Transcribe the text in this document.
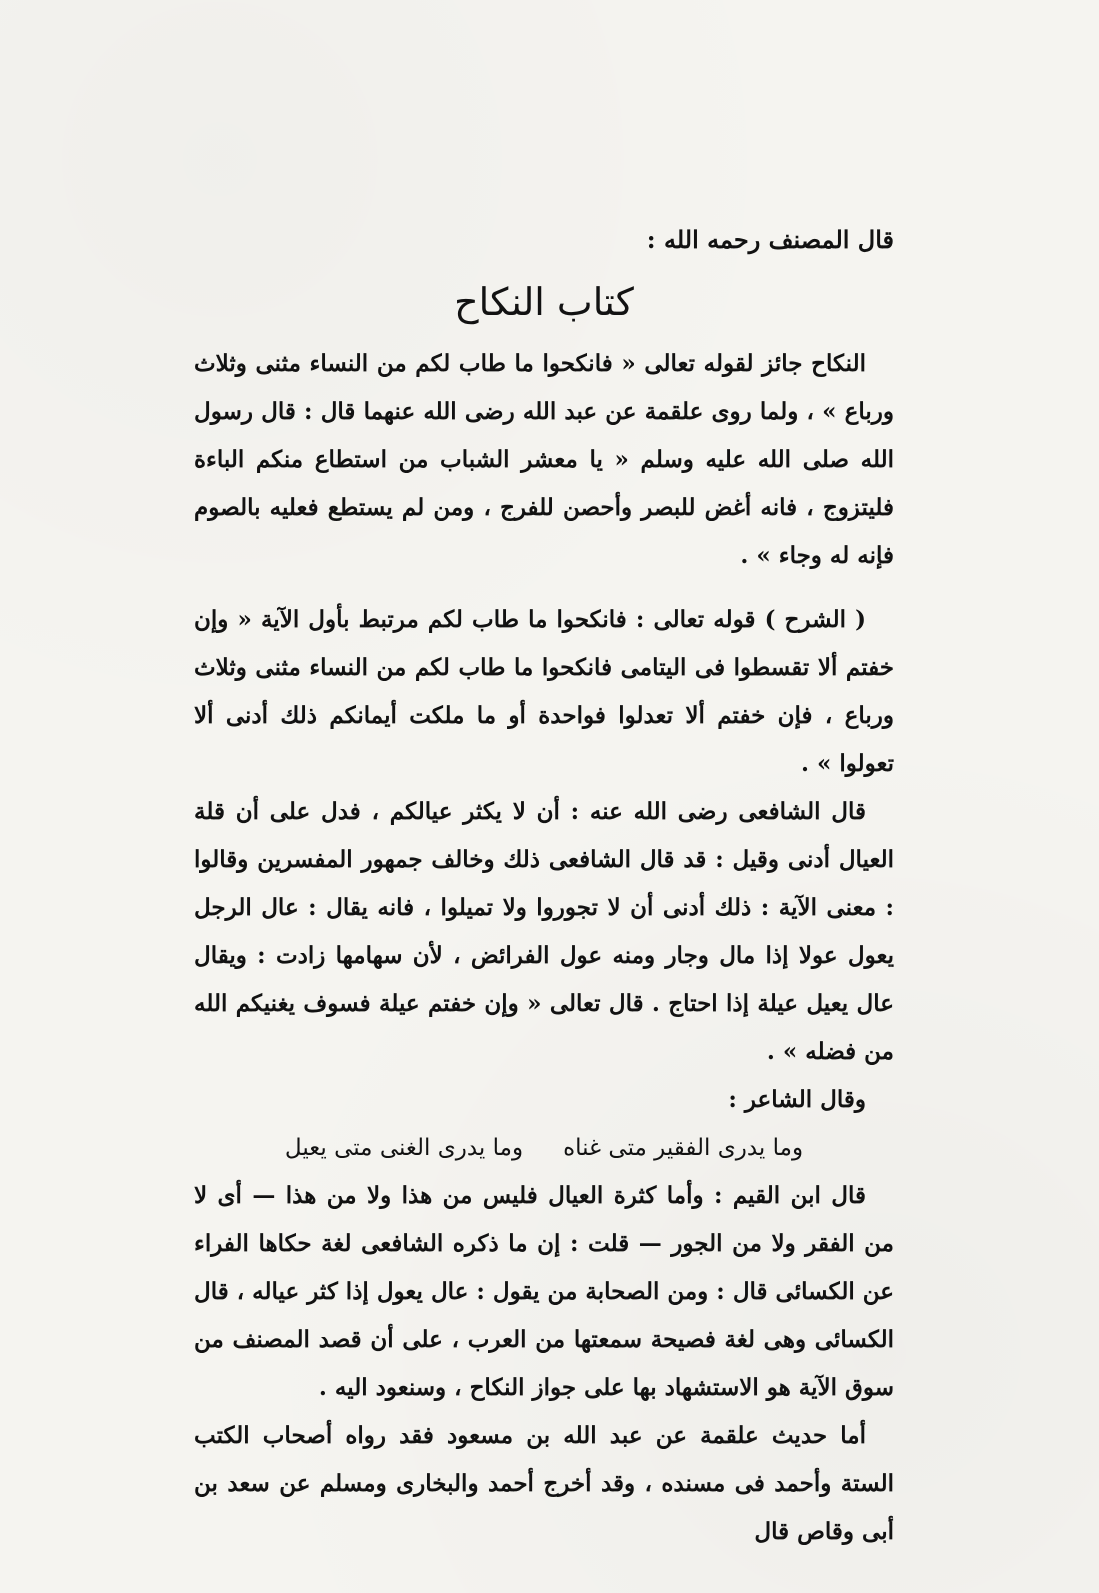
قال المصنف رحمه الله :

كتاب النكاح

النكاح جائز لقوله تعالى « فانكحوا ما طاب لكم من النساء مثنى وثلاث ورباع » ، ولما روى علقمة عن عبد الله رضى الله عنهما قال : قال رسول الله صلى الله عليه وسلم « يا معشر الشباب من استطاع منكم الباءة فليتزوج ، فانه أغض للبصر وأحصن للفرج ، ومن لم يستطع فعليه بالصوم فإنه له وجاء » .

( الشرح ) قوله تعالى : فانكحوا ما طاب لكم مرتبط بأول الآية « وإن خفتم ألا تقسطوا فى اليتامى فانكحوا ما طاب لكم من النساء مثنى وثلاث ورباع ، فإن خفتم ألا تعدلوا فواحدة أو ما ملكت أيمانكم ذلك أدنى ألا تعولوا » .

قال الشافعى رضى الله عنه : أن لا يكثر عيالكم ، فدل على أن قلة العيال أدنى وقيل : قد قال الشافعى ذلك وخالف جمهور المفسرين وقالوا : معنى الآية : ذلك أدنى أن لا تجوروا ولا تميلوا ، فانه يقال : عال الرجل يعول عولا إذا مال وجار ومنه عول الفرائض ، لأن سهامها زادت : ويقال عال يعيل عيلة إذا احتاج . قال تعالى « وإن خفتم عيلة فسوف يغنيكم الله من فضله » .

وقال الشاعر :

وما يدرى الفقير متى غناه
وما يدرى الغنى متى يعيل

قال ابن القيم : وأما كثرة العيال فليس من هذا ولا من هذا — أى لا من الفقر ولا من الجور — قلت : إن ما ذكره الشافعى لغة حكاها الفراء عن الكسائى قال : ومن الصحابة من يقول : عال يعول إذا كثر عياله ، قال الكسائى وهى لغة فصيحة سمعتها من العرب ، على أن قصد المصنف من سوق الآية هو الاستشهاد بها على جواز النكاح ، وسنعود اليه .

أما حديث علقمة عن عبد الله بن مسعود فقد رواه أصحاب الكتب الستة وأحمد فى مسنده ، وقد أخرج أحمد والبخارى ومسلم عن سعد بن أبى وقاص قال
